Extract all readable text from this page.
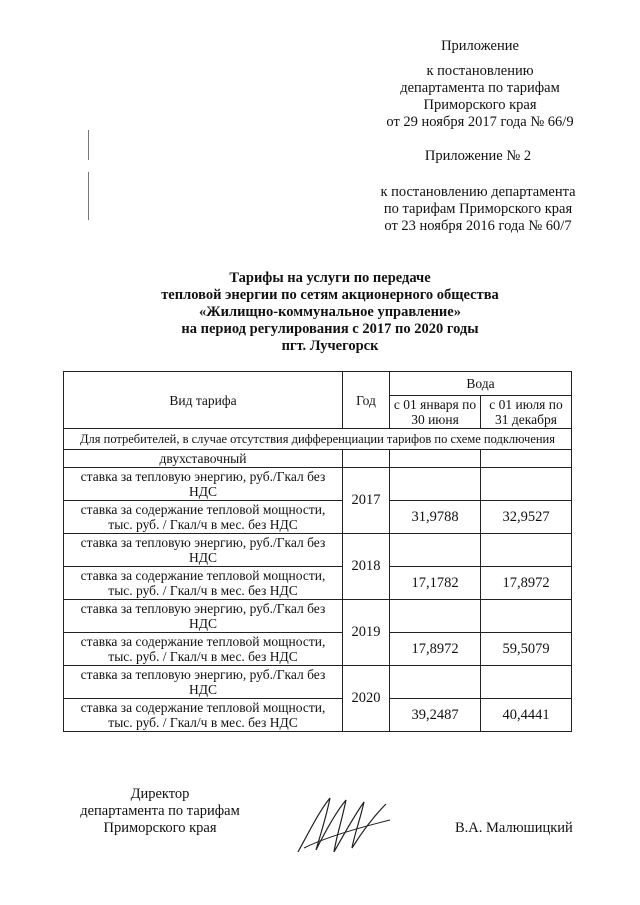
Приложение
к постановлению
департамента по тарифам
Приморского края
от 29 ноября 2017 года № 66/9
Приложение № 2
к постановлению департамента
по тарифам Приморского края
от 23 ноября 2016 года № 60/7
Тарифы на услуги по передаче
тепловой энергии по сетям акционерного общества
«Жилищно-коммунальное управление»
на период регулирования с 2017 по 2020 годы
пгт. Лучегорск
Вид тарифа	Год	Вода	
		с 01 января по 30 июня	с 01 июля по 31 декабря
Для потребителей, в случае отсутствия дифференциации тарифов по схеме подключения			
двухставочный			
ставка за тепловую энергию, руб./Гкал без НДС	2017		
ставка за содержание тепловой мощности, тыс. руб. / Гкал/ч в мес. без НДС		31,9788	32,9527
ставка за тепловую энергию, руб./Гкал без НДС	2018		
ставка за содержание тепловой мощности, тыс. руб. / Гкал/ч в мес. без НДС		17,1782	17,8972
ставка за тепловую энергию, руб./Гкал без НДС	2019		
ставка за содержание тепловой мощности, тыс. руб. / Гкал/ч в мес. без НДС		17,8972	59,5079
ставка за тепловую энергию, руб./Гкал без НДС	2020		
ставка за содержание тепловой мощности, тыс. руб. / Гкал/ч в мес. без НДС		39,2487	40,4441
Директор
департамента по тарифам
Приморского края	В.А. Малюшицкий
